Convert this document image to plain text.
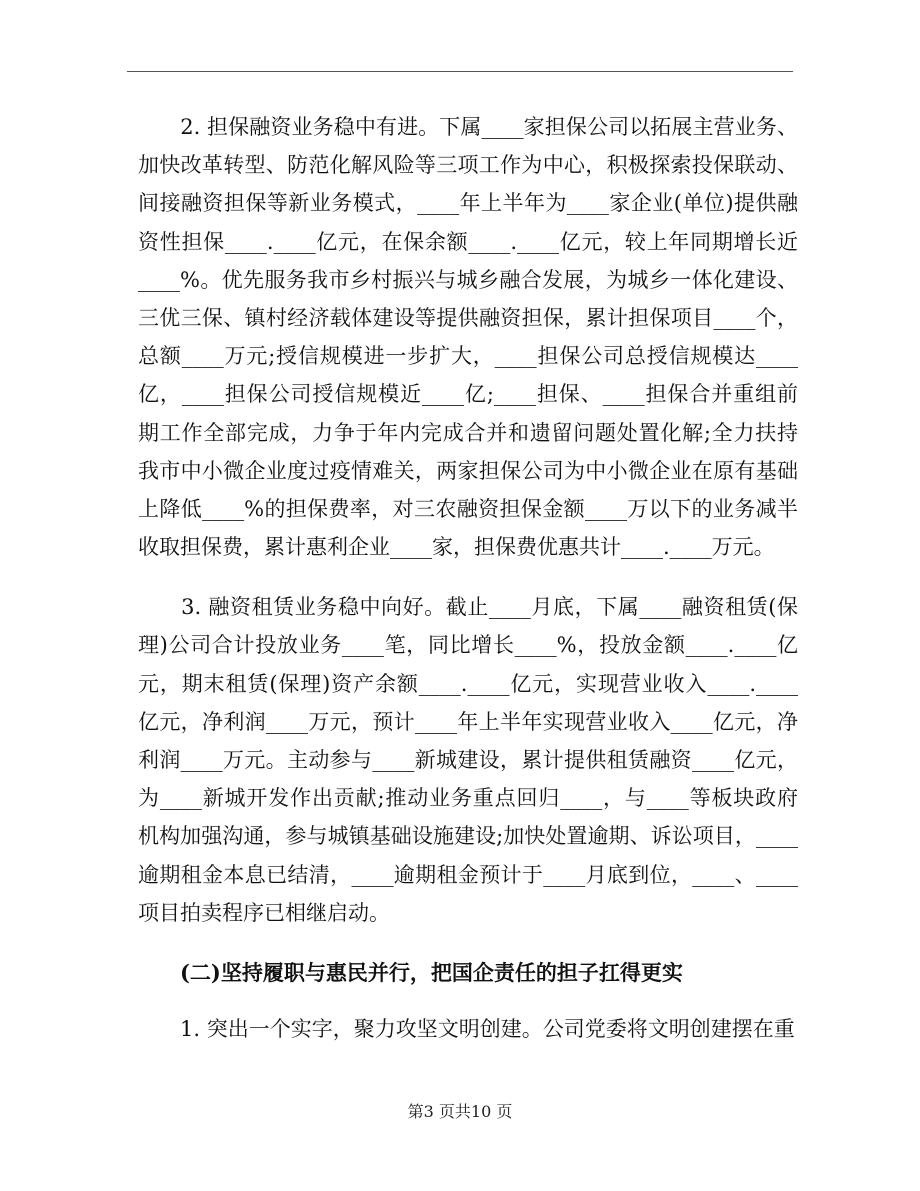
　　2. 担保融资业务稳中有进。下属____家担保公司以拓展主营业务、
加快改革转型、防范化解风险等三项工作为中心，积极探索投保联动、
间接融资担保等新业务模式，____年上半年为____家企业(单位)提供融
资性担保____.____亿元，在保余额____.____亿元，较上年同期增长近
____%。优先服务我市乡村振兴与城乡融合发展，为城乡一体化建设、
三优三保、镇村经济载体建设等提供融资担保，累计担保项目____个，
总额____万元;授信规模进一步扩大，____担保公司总授信规模达____
亿，____担保公司授信规模近____亿;____担保、____担保合并重组前
期工作全部完成，力争于年内完成合并和遗留问题处置化解;全力扶持
我市中小微企业度过疫情难关，两家担保公司为中小微企业在原有基础
上降低____%的担保费率，对三农融资担保金额____万以下的业务减半
收取担保费，累计惠利企业____家，担保费优惠共计____.____万元。
　　3. 融资租赁业务稳中向好。截止____月底，下属____融资租赁(保
理)公司合计投放业务____笔，同比增长____%，投放金额____.____亿
元，期末租赁(保理)资产余额____.____亿元，实现营业收入____.____
亿元，净利润____万元，预计____年上半年实现营业收入____亿元，净
利润____万元。主动参与____新城建设，累计提供租赁融资____亿元，
为____新城开发作出贡献;推动业务重点回归____，与____等板块政府
机构加强沟通，参与城镇基础设施建设;加快处置逾期、诉讼项目，____
逾期租金本息已结清，____逾期租金预计于____月底到位，____、____
项目拍卖程序已相继启动。
　　(二)坚持履职与惠民并行，把国企责任的担子扛得更实
　　1. 突出一个实字，聚力攻坚文明创建。公司党委将文明创建摆在重
第3 页共10 页
